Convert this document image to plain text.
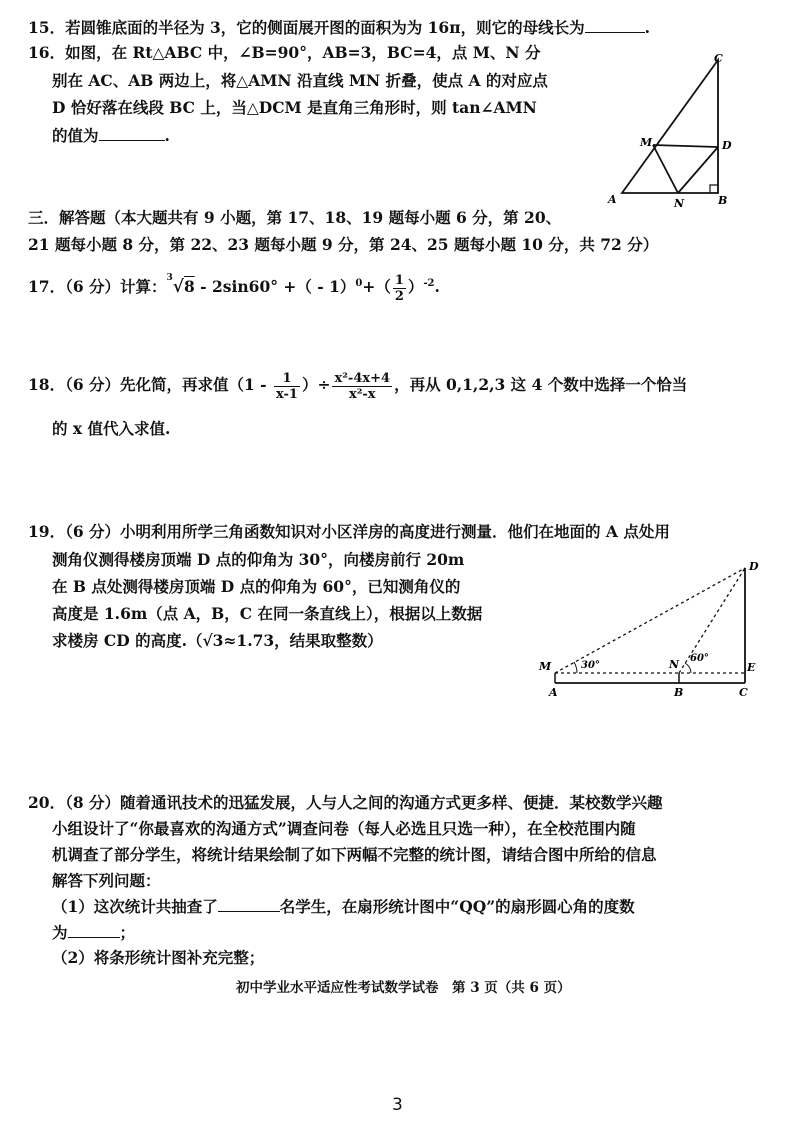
15．若圆锥底面的半径为 3，它的侧面展开图的面积为为 16π，则它的母线长为	.
16．如图，在 Rt△ABC 中，∠B=90°，AB=3，BC=4，点 M、N 分
别在 AC、AB 两边上，将△AMN 沿直线 MN 折叠，使点 A 的对应点
D 恰好落在线段 BC 上，当△DCM 是直角三角形时，则 tan∠AMN
的值为	.
C
M	D
A	N	B
三．解答题（本大题共有 9 小题，第 17、18、19 题每小题 6 分，第 20、
21 题每小题 8 分，第 22、23 题每小题 9 分，第 24、25 题每小题 10 分，共 72 分）
17．（6 分）计算：$^3$√8 - 2sin60° +（ - $1)^0+( \frac{1}{2} )^{-2}$.
18．（6 分）先化简，再求值（$1 - \frac{1}{x-1}$ ）÷ $\frac{\text{x²-4x+4}}{\text{x²-x}}$ ，再从 0,1,2,3 这 4 个数中选择一个恰当
的 x 值代入求值.
19．（6 分）小明利用所学三角函数知识对小区洋房的高度进行测量．他们在地面的 A 点处用
测角仪测得楼房顶端 D 点的仰角为 30°，向楼房前行 20m
在 B 点处测得楼房顶端 D 点的仰角为 60°，已知测角仪的
高度是 1.6m（点 A，B，C 在同一条直线上），根据以上数据
求楼房 CD 的高度.（√3≈1.73，结果取整数）
D
M	N	E
A	B	C
30°
60°
20．（8 分）随着通讯技术的迅猛发展，人与人之间的沟通方式更多样、便捷．某校数学兴趣
小组设计了“你最喜欢的沟通方式”调查问卷（每人必选且只选一种），在全校范围内随
机调查了部分学生，将统计结果绘制了如下两幅不完整的统计图，请结合图中所给的信息
解答下列问题：
（1）这次统计共抽查了	名学生，在扇形统计图中“QQ”的扇形圆心角的度数
为	；
（2）将条形统计图补充完整；
初中学业水平适应性考试数学试卷　第 3 页（共 6 页）
3
